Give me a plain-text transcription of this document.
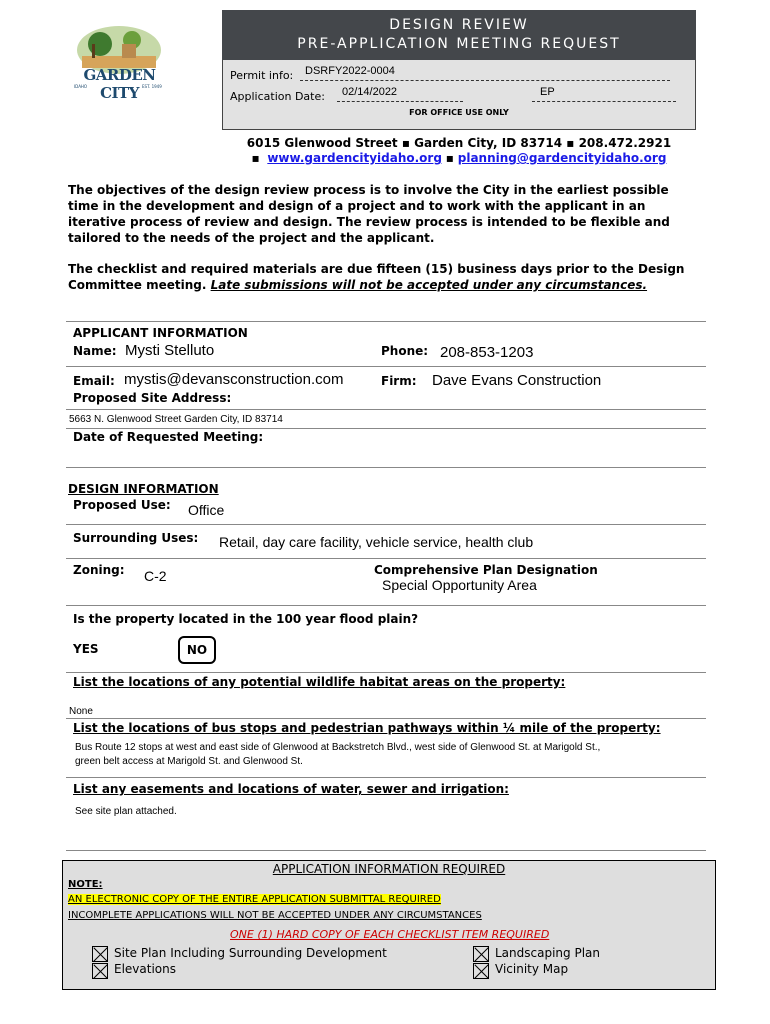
GARDEN CITY
IDAHO	EST. 1949
DESIGN REVIEW
PRE-APPLICATION MEETING REQUEST
Permit info: DSRFY2022-0004
Application Date: 02/14/2022	EP
FOR OFFICE USE ONLY
6015 Glenwood Street ▪ Garden City, ID 83714 ▪ 208.472.2921
▪ www.gardencityidaho.org ▪ planning@gardencityidaho.org
The objectives of the design review process is to involve the City in the earliest possible time in the development and design of a project and to work with the applicant in an iterative process of review and design. The review process is intended to be flexible and tailored to the needs of the project and the applicant.
The checklist and required materials are due fifteen (15) business days prior to the Design Committee meeting. Late submissions will not be accepted under any circumstances.
APPLICANT INFORMATION
Name: Mysti Stelluto	Phone: 208-853-1203
Email: mystis@devansconstruction.com	Firm: Dave Evans Construction
Proposed Site Address:
5663 N. Glenwood Street Garden City, ID 83714
Date of Requested Meeting:
DESIGN INFORMATION
Proposed Use: Office
Surrounding Uses: Retail, day care facility, vehicle service, health club
Zoning: C-2	Comprehensive Plan Designation
Special Opportunity Area
Is the property located in the 100 year flood plain?
YES	NO
List the locations of any potential wildlife habitat areas on the property:
None
List the locations of bus stops and pedestrian pathways within ¼ mile of the property:
Bus Route 12 stops at west and east side of Glenwood at Backstretch Blvd., west side of Glenwood St. at Marigold St.,
green belt access at Marigold St. and Glenwood St.
List any easements and locations of water, sewer and irrigation:
See site plan attached.
APPLICATION INFORMATION REQUIRED
NOTE:
AN ELECTRONIC COPY OF THE ENTIRE APPLICATION SUBMITTAL REQUIRED
INCOMPLETE APPLICATIONS WILL NOT BE ACCEPTED UNDER ANY CIRCUMSTANCES
ONE (1) HARD COPY OF EACH CHECKLIST ITEM REQUIRED
Site Plan Including Surrounding Development
Elevations
Landscaping Plan
Vicinity Map
